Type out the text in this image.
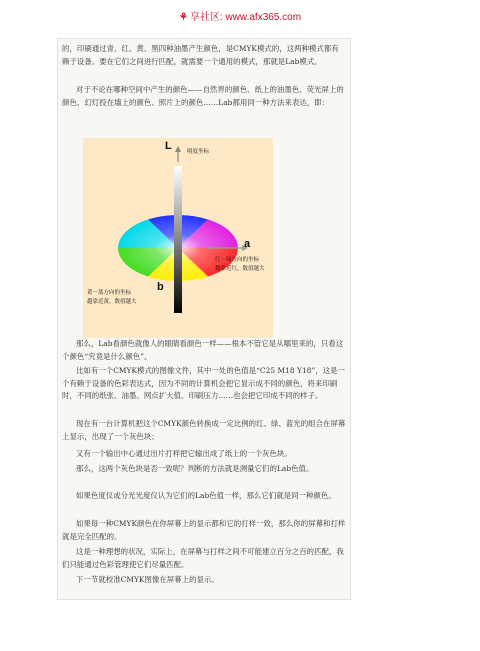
⚘ 享社区: www.afx365.com

的，印刷通过青、红、黄、黑四种油墨产生颜色，是CMYK模式的，这两种模式都有赖于设备。要在它们之间进行匹配，就需要一个通用的模式，那就是Lab模式。

对于不论在哪种空间中产生的颜色——自然界的颜色、纸上的油墨色、荧光屏上的颜色、幻灯投在墙上的颜色、照片上的颜色……Lab都用同一种方法来表达，即：

L	明度坐标
a
红－绿方向的坐标
越靠近红，数值越大
b
黄－蓝方向的坐标
越靠近黄，数值越大

那么，Lab看颜色就像人的眼睛看颜色一样——根本不管它是从哪里来的，只看这个颜色“究竟是什么颜色”。

比如有一个CMYK模式的图像文件，其中一处的色值是“C25 M18 Y18”，这是一个有赖于设备的色彩表达式，因为不同的计算机会把它显示成不同的颜色，将来印刷时，不同的纸张、油墨、网点扩大值、印刷压力……也会把它印成不同的样子。

现在有一台计算机把这个CMYK颜色转换成一定比例的红、绿、蓝光的组合在屏幕上显示，出现了一个灰色块；

又有一个输出中心通过出片打样把它输出成了纸上的一个灰色块。

那么，这两个灰色块是否一致呢？判断的方法就是测量它们的Lab色值。

如果色度仪或分光光度仪认为它们的Lab色值一样，那么它们就是同一种颜色。

如果每一种CMYK颜色在你屏幕上的显示都和它的打样一致，那么你的屏幕和打样就是完全匹配的。

这是一种理想的状况，实际上，在屏幕与打样之间不可能建立百分之百的匹配，我们只能通过色彩管理使它们尽量匹配。

下一节就校准CMYK图像在屏幕上的显示。
